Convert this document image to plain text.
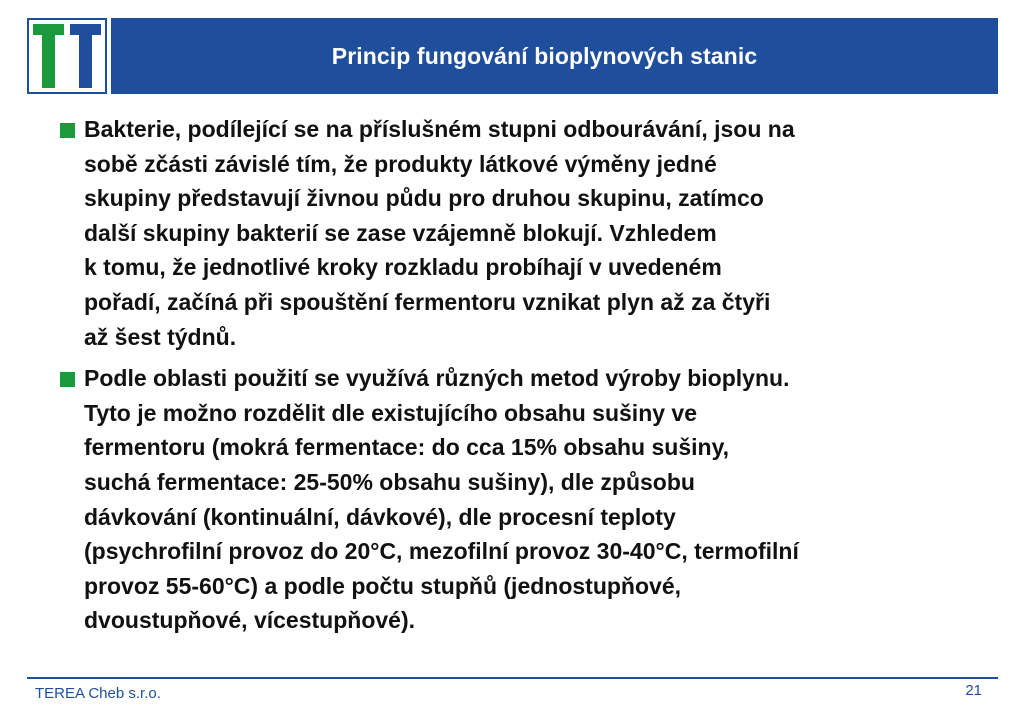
Princip fungování bioplynových stanic
Bakterie, podílející se na příslušném stupni odbourávání, jsou na
sobě zčásti závislé tím, že produkty látkové výměny jedné
skupiny představují živnou půdu pro druhou skupinu, zatímco
další skupiny bakterií se zase vzájemně blokují. Vzhledem
k tomu, že jednotlivé kroky rozkladu probíhají v uvedeném
pořadí, začíná při spouštění fermentoru vznikat plyn až za čtyři
až šest týdnů.
Podle oblasti použití se využívá různých metod výroby bioplynu.
Tyto je možno rozdělit dle existujícího obsahu sušiny ve
fermentoru (mokrá fermentace: do cca 15% obsahu sušiny,
suchá fermentace: 25-50% obsahu sušiny), dle způsobu
dávkování (kontinuální, dávkové), dle procesní teploty
(psychrofilní provoz do 20°C, mezofilní provoz 30-40°C, termofilní
provoz 55-60°C) a podle počtu stupňů (jednostupňové,
dvoustupňové, vícestupňové).
TEREA Cheb s.r.o.	21
